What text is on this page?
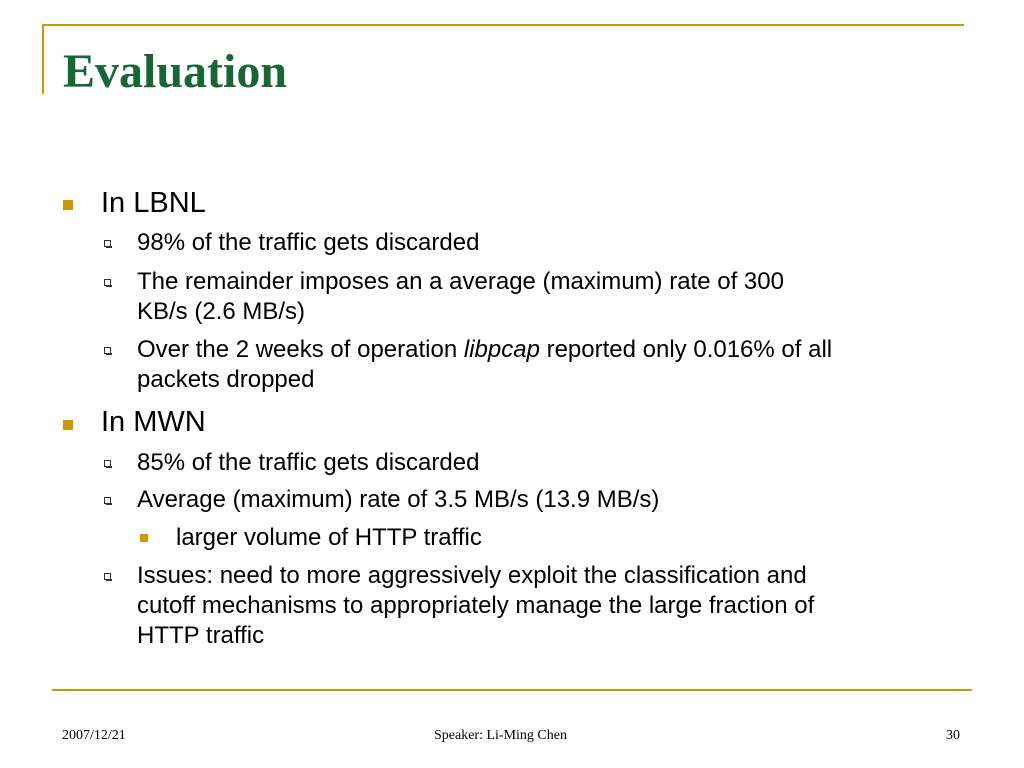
Evaluation
In LBNL
98% of the traffic gets discarded
The remainder imposes an a average (maximum) rate of 300
KB/s (2.6 MB/s)
Over the 2 weeks of operation libpcap reported only 0.016% of all
packets dropped
In MWN
85% of the traffic gets discarded
Average (maximum) rate of 3.5 MB/s (13.9 MB/s)
larger volume of HTTP traffic
Issues: need to more aggressively exploit the classification and
cutoff mechanisms to appropriately manage the large fraction of
HTTP traffic
2007/12/21	Speaker: Li-Ming Chen	30
